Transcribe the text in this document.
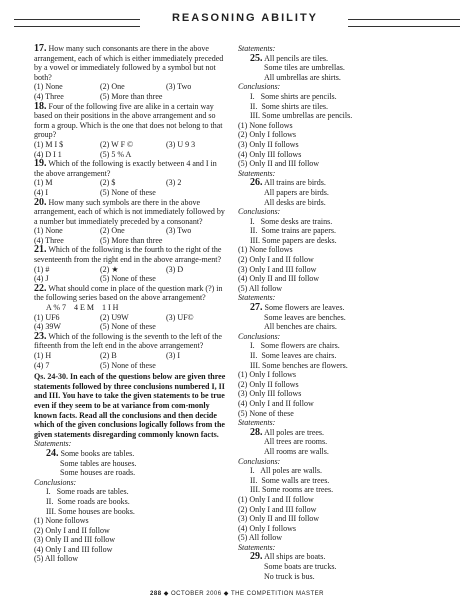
REASONING ABILITY

17. How many such consonants are there in the above arrangement, each of which is either immediately preceded by a vowel or immediately followed by a symbol but not both?

(1) None	(2) One	(3) Two
(4) Three	(5) More than three

18. Four of the following five are alike in a certain way based on their positions in the above arrangement and so form a group. Which is the one that does not belong to that group?

(1) M I $	(2) W F ©	(3) U 9 3
(4) D I 1	(5) 5 % A

19. Which of the following is exactly between 4 and I in the above arrangement?

(1) M	(2) $	(3) 2
(4) I	(5) None of these

20. How many such symbols are there in the above arrangement, each of which is not immediately followed by a number but immediately preceded by a consonant?

(1) None	(2) One	(3) Two
(4) Three	(5) More than three

21. Which of the following is the fourth to the right of the seventeenth from the right end in the above arrange-ment?

(1) #	(2) ★	(3) D
(4) J	(5) None of these

22. What should come in place of the question mark (?) in the following series based on the above arrangement?

A % 7    4 E M    1 I H

(1) UF6	(2) U9W	(3) UF©
(4) 39W	(5) None of these

23. Which of the following is the seventh to the left of the fifteenth from the left end in the above arrangement?

(1) H	(2) B	(3) I
(4) 7	(5) None of these

Qs. 24-30. In each of the questions below are given three statements followed by three conclusions numbered I, II and III. You have to take the given statements to be true even if they seem to be at variance from com-monly known facts. Read all the conclusions and then decide which of the given conclusions logically follows from the given statements disregarding commonly known facts.

Statements:

24. Some books are tables.

Some tables are houses.

Some houses are roads.

Conclusions:

I.   Some roads are tables.

II.  Some roads are books.

III. Some houses are books.

(1) None follows

(2) Only I and II follow

(3) Only II and III follow

(4) Only I and III follow

(5) All follow

Statements:

25. All pencils are tiles.

Some tiles are umbrellas.

All umbrellas are shirts.

Conclusions:

I.   Some shirts are pencils.

II.  Some shirts are tiles.

III. Some umbrellas are pencils.

(1) None follows

(2) Only I follows

(3) Only II follows

(4) Only III follows

(5) Only II and III follow

Statements:

26. All trains are birds.

All papers are birds.

All desks are birds.

Conclusions:

I.   Some desks are trains.

II.  Some trains are papers.

III. Some papers are desks.

(1) None follows

(2) Only I and II follow

(3) Only I and III follow

(4) Only II and III follow

(5) All follow

Statements:

27. Some flowers are leaves.

Some leaves are benches.

All benches are chairs.

Conclusions:

I.   Some flowers are chairs.

II.  Some leaves are chairs.

III. Some benches are flowers.

(1) Only I follows

(2) Only II follows

(3) Only III follows

(4) Only I and II follow

(5) None of these

Statements:

28. All poles are trees.

All trees are rooms.

All rooms are walls.

Conclusions:

I.   All poles are walls.

II.  Some walls are trees.

III. Some rooms are trees.

(1) Only I and II follow

(2) Only I and III follow

(3) Only II and III follow

(4) Only I follows

(5) All follow

Statements:

29. All ships are boats.

Some boats are trucks.

No truck is bus.

288 ◆ OCTOBER 2006 ◆ THE COMPETITION MASTER
